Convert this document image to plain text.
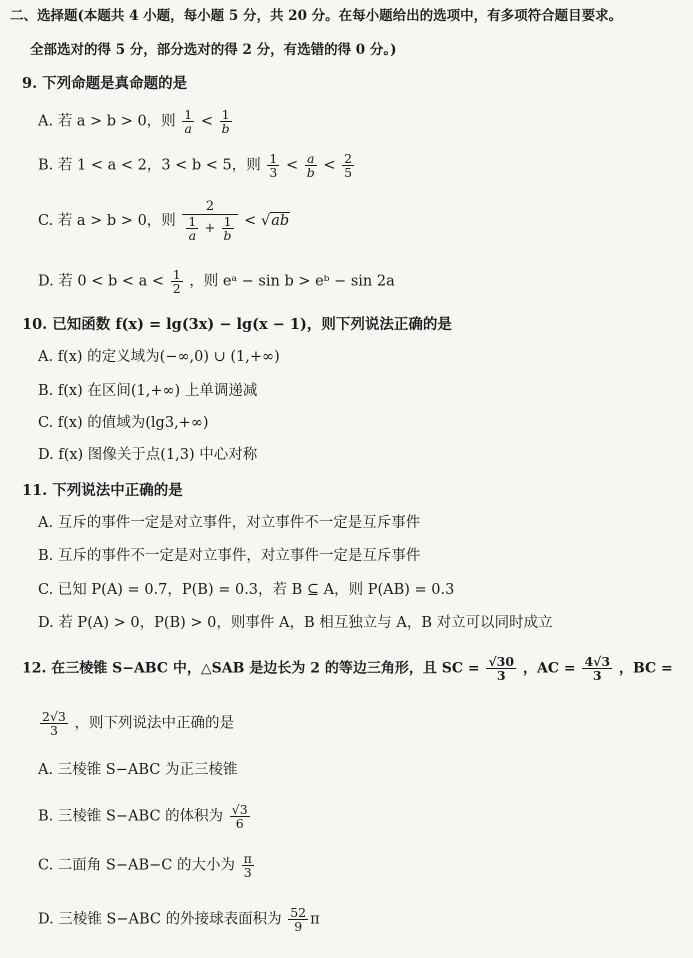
二、选择题(本题共 4 小题，每小题 5 分，共 20 分。在每小题给出的选项中，有多项符合题目要求。
全部选对的得 5 分，部分选对的得 2 分，有选错的得 0 分。)
9. 下列命题是真命题的是
A. 若 a > b > 0，则 $\frac{1}{a} < \frac{1}{b}$
B. 若 1 < a < 2，3 < b < 5，则 $\frac{1}{3} < \frac{a}{b} < \frac{2}{5}$
C. 若 a > b > 0，则 $\frac{2}{\frac{1}{a} + \frac{1}{b}} < √ab$
D. 若 $0 < b < a < \frac{1}{2}$ ，则 eᵃ − sin b > eᵇ − sin 2a
10. 已知函数 f(x) = lg(3x) − lg(x − 1)，则下列说法正确的是
A. f(x) 的定义域为(−∞,0) ∪ (1,+∞)
B. f(x) 在区间(1,+∞) 上单调递减
C. f(x) 的值域为(lg3,+∞)
D. f(x) 图像关于点(1,3) 中心对称
11. 下列说法中正确的是
A. 互斥的事件一定是对立事件，对立事件不一定是互斥事件
B. 互斥的事件不一定是对立事件，对立事件一定是互斥事件
C. 已知 P(A) = 0.7，P(B) = 0.3，若 B ⊆ A，则 P(AB) = 0.3
D. 若 P(A) > 0，P(B) > 0，则事件 A，B 相互独立与 A，B 对立可以同时成立
12. 在三棱锥 S−ABC 中，△SAB 是边长为 2 的等边三角形，且 SC = $\frac{√30}{3}$ ，AC = $\frac{4√3}{3}$ ，BC =
$\frac{2√3}{3}$ ，则下列说法中正确的是
A. 三棱锥 S−ABC 为正三棱锥
B. 三棱锥 S−ABC 的体积为 $\frac{√3}{6}$
C. 二面角 S−AB−C 的大小为 $\frac{\pi}{3}$
D. 三棱锥 S−ABC 的外接球表面积为 $\frac{52}{9}$ π
